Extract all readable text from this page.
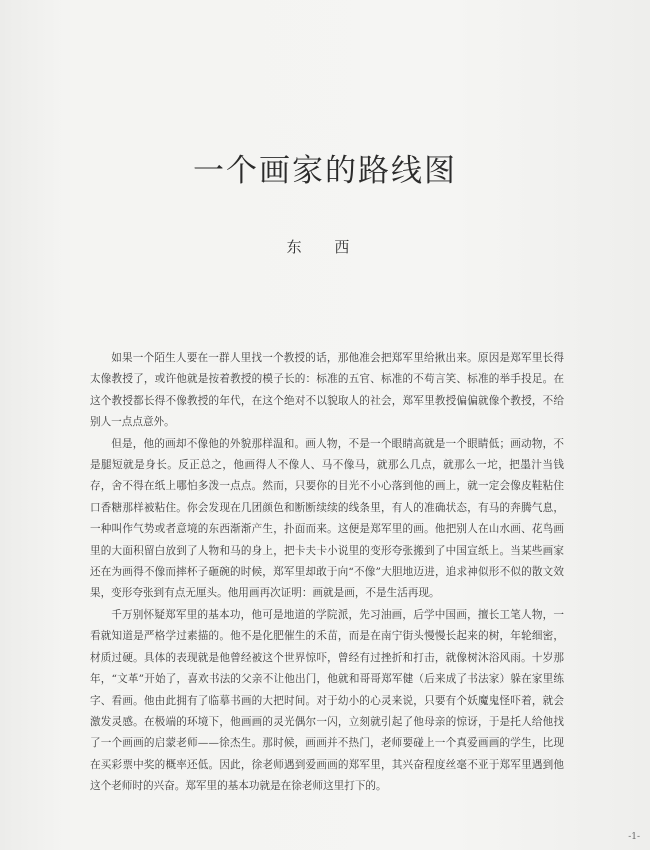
一个画家的路线图
东 西

如果一个陌生人要在一群人里找一个教授的话，那他准会把郑军里给揪出来。原因是郑军里长得太像教授了，或许他就是按着教授的模子长的：标准的五官、标准的不苟言笑、标准的举手投足。在这个教授都长得不像教授的年代，在这个绝对不以貌取人的社会，郑军里教授偏偏就像个教授，不给别人一点点意外。

但是，他的画却不像他的外貌那样温和。画人物，不是一个眼睛高就是一个眼睛低；画动物，不是腿短就是身长。反正总之，他画得人不像人、马不像马，就那么几点，就那么一坨，把墨汁当钱存，舍不得在纸上哪怕多泼一点点。然而，只要你的目光不小心落到他的画上，就一定会像皮鞋粘住口香糖那样被粘住。你会发现在几团颜色和断断续续的线条里，有人的准确状态，有马的奔腾气息，一种叫作气势或者意境的东西渐渐产生，扑面而来。这便是郑军里的画。他把别人在山水画、花鸟画里的大面积留白放到了人物和马的身上，把卡夫卡小说里的变形夸张搬到了中国宣纸上。当某些画家还在为画得不像而摔杯子砸碗的时候，郑军里却敢于向“不像”大胆地迈进，追求神似形不似的散文效果，变形夸张到有点无厘头。他用画再次证明：画就是画，不是生活再现。

千万别怀疑郑军里的基本功，他可是地道的学院派，先习油画，后学中国画，擅长工笔人物，一看就知道是严格学过素描的。他不是化肥催生的禾苗，而是在南宁街头慢慢长起来的树，年轮细密，材质过硬。具体的表现就是他曾经被这个世界惊吓，曾经有过挫折和打击，就像树沐浴风雨。十岁那年，“文革”开始了，喜欢书法的父亲不让他出门，他就和哥哥郑军健（后来成了书法家）躲在家里练字、看画。他由此拥有了临摹书画的大把时间。对于幼小的心灵来说，只要有个妖魔鬼怪吓着，就会激发灵感。在极端的环境下，他画画的灵光偶尔一闪，立刻就引起了他母亲的惊讶，于是托人给他找了一个画画的启蒙老师——徐杰生。那时候，画画并不热门，老师要碰上一个真爱画画的学生，比现在买彩票中奖的概率还低。因此，徐老师遇到爱画画的郑军里，其兴奋程度丝毫不亚于郑军里遇到他这个老师时的兴奋。郑军里的基本功就是在徐老师这里打下的。

-1-
